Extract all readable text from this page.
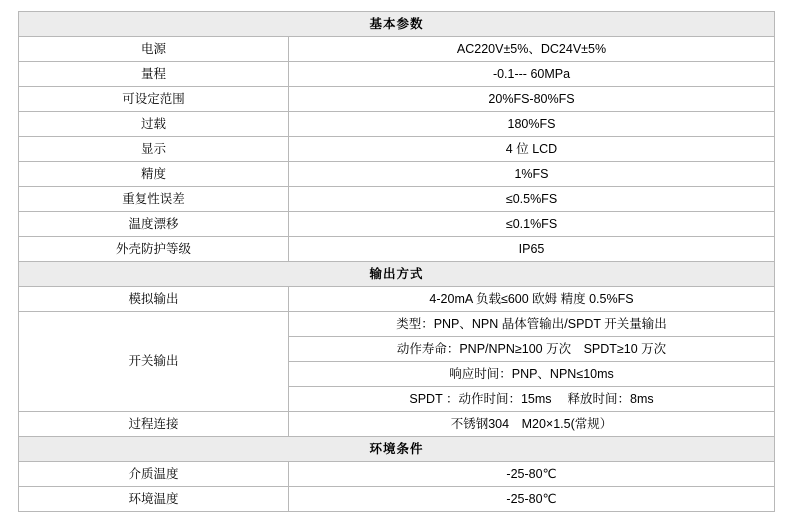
基本参数	
电源	AC220V±5%、DC24V±5%
量程	-0.1--- 60MPa
可设定范围	20%FS-80%FS
过载	180%FS
显示	4 位 LCD
精度	1%FS
重复性误差	≤0.5%FS
温度漂移	≤0.1%FS
外壳防护等级	IP65
输出方式	
模拟输出	4-20mA 负载≤600 欧姆 精度 0.5%FS
开关输出	类型：PNP、NPN 晶体管输出/SPDT 开关量输出
	动作寿命：PNP/NPN≥100 万次　SPDT≥10 万次
	响应时间：PNP、NPN≤10ms
	SPDT ：动作时间：15ms　 释放时间：8ms
过程连接	不锈钢304　M20×1.5(常规）
环境条件	
介质温度	-25-80℃
环境温度	-25-80℃
